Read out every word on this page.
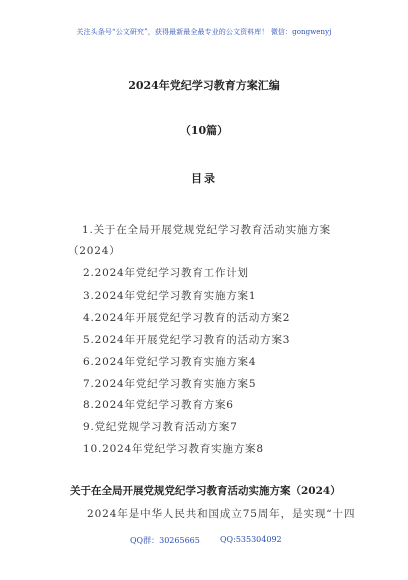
关注头条号“公文研究”，获得最新最全最专业的公文资料库！ 微信：gongwenyj
2024年党纪学习教育方案汇编
（10篇）
目录
1.关于在全局开展党规党纪学习教育活动实施方案
（2024）
2.2024年党纪学习教育工作计划
3.2024年党纪学习教育实施方案1
4.2024年开展党纪学习教育的活动方案2
5.2024年开展党纪学习教育的活动方案3
6.2024年党纪学习教育实施方案4
7.2024年党纪学习教育实施方案5
8.2024年党纪学习教育方案6
9.党纪党规学习教育活动方案7
10.2024年党纪学习教育实施方案8
关于在全局开展党规党纪学习教育活动实施方案（2024）
2024年是中华人民共和国成立75周年，是实现“十四
QQ群：30265665	QQ:535304092
